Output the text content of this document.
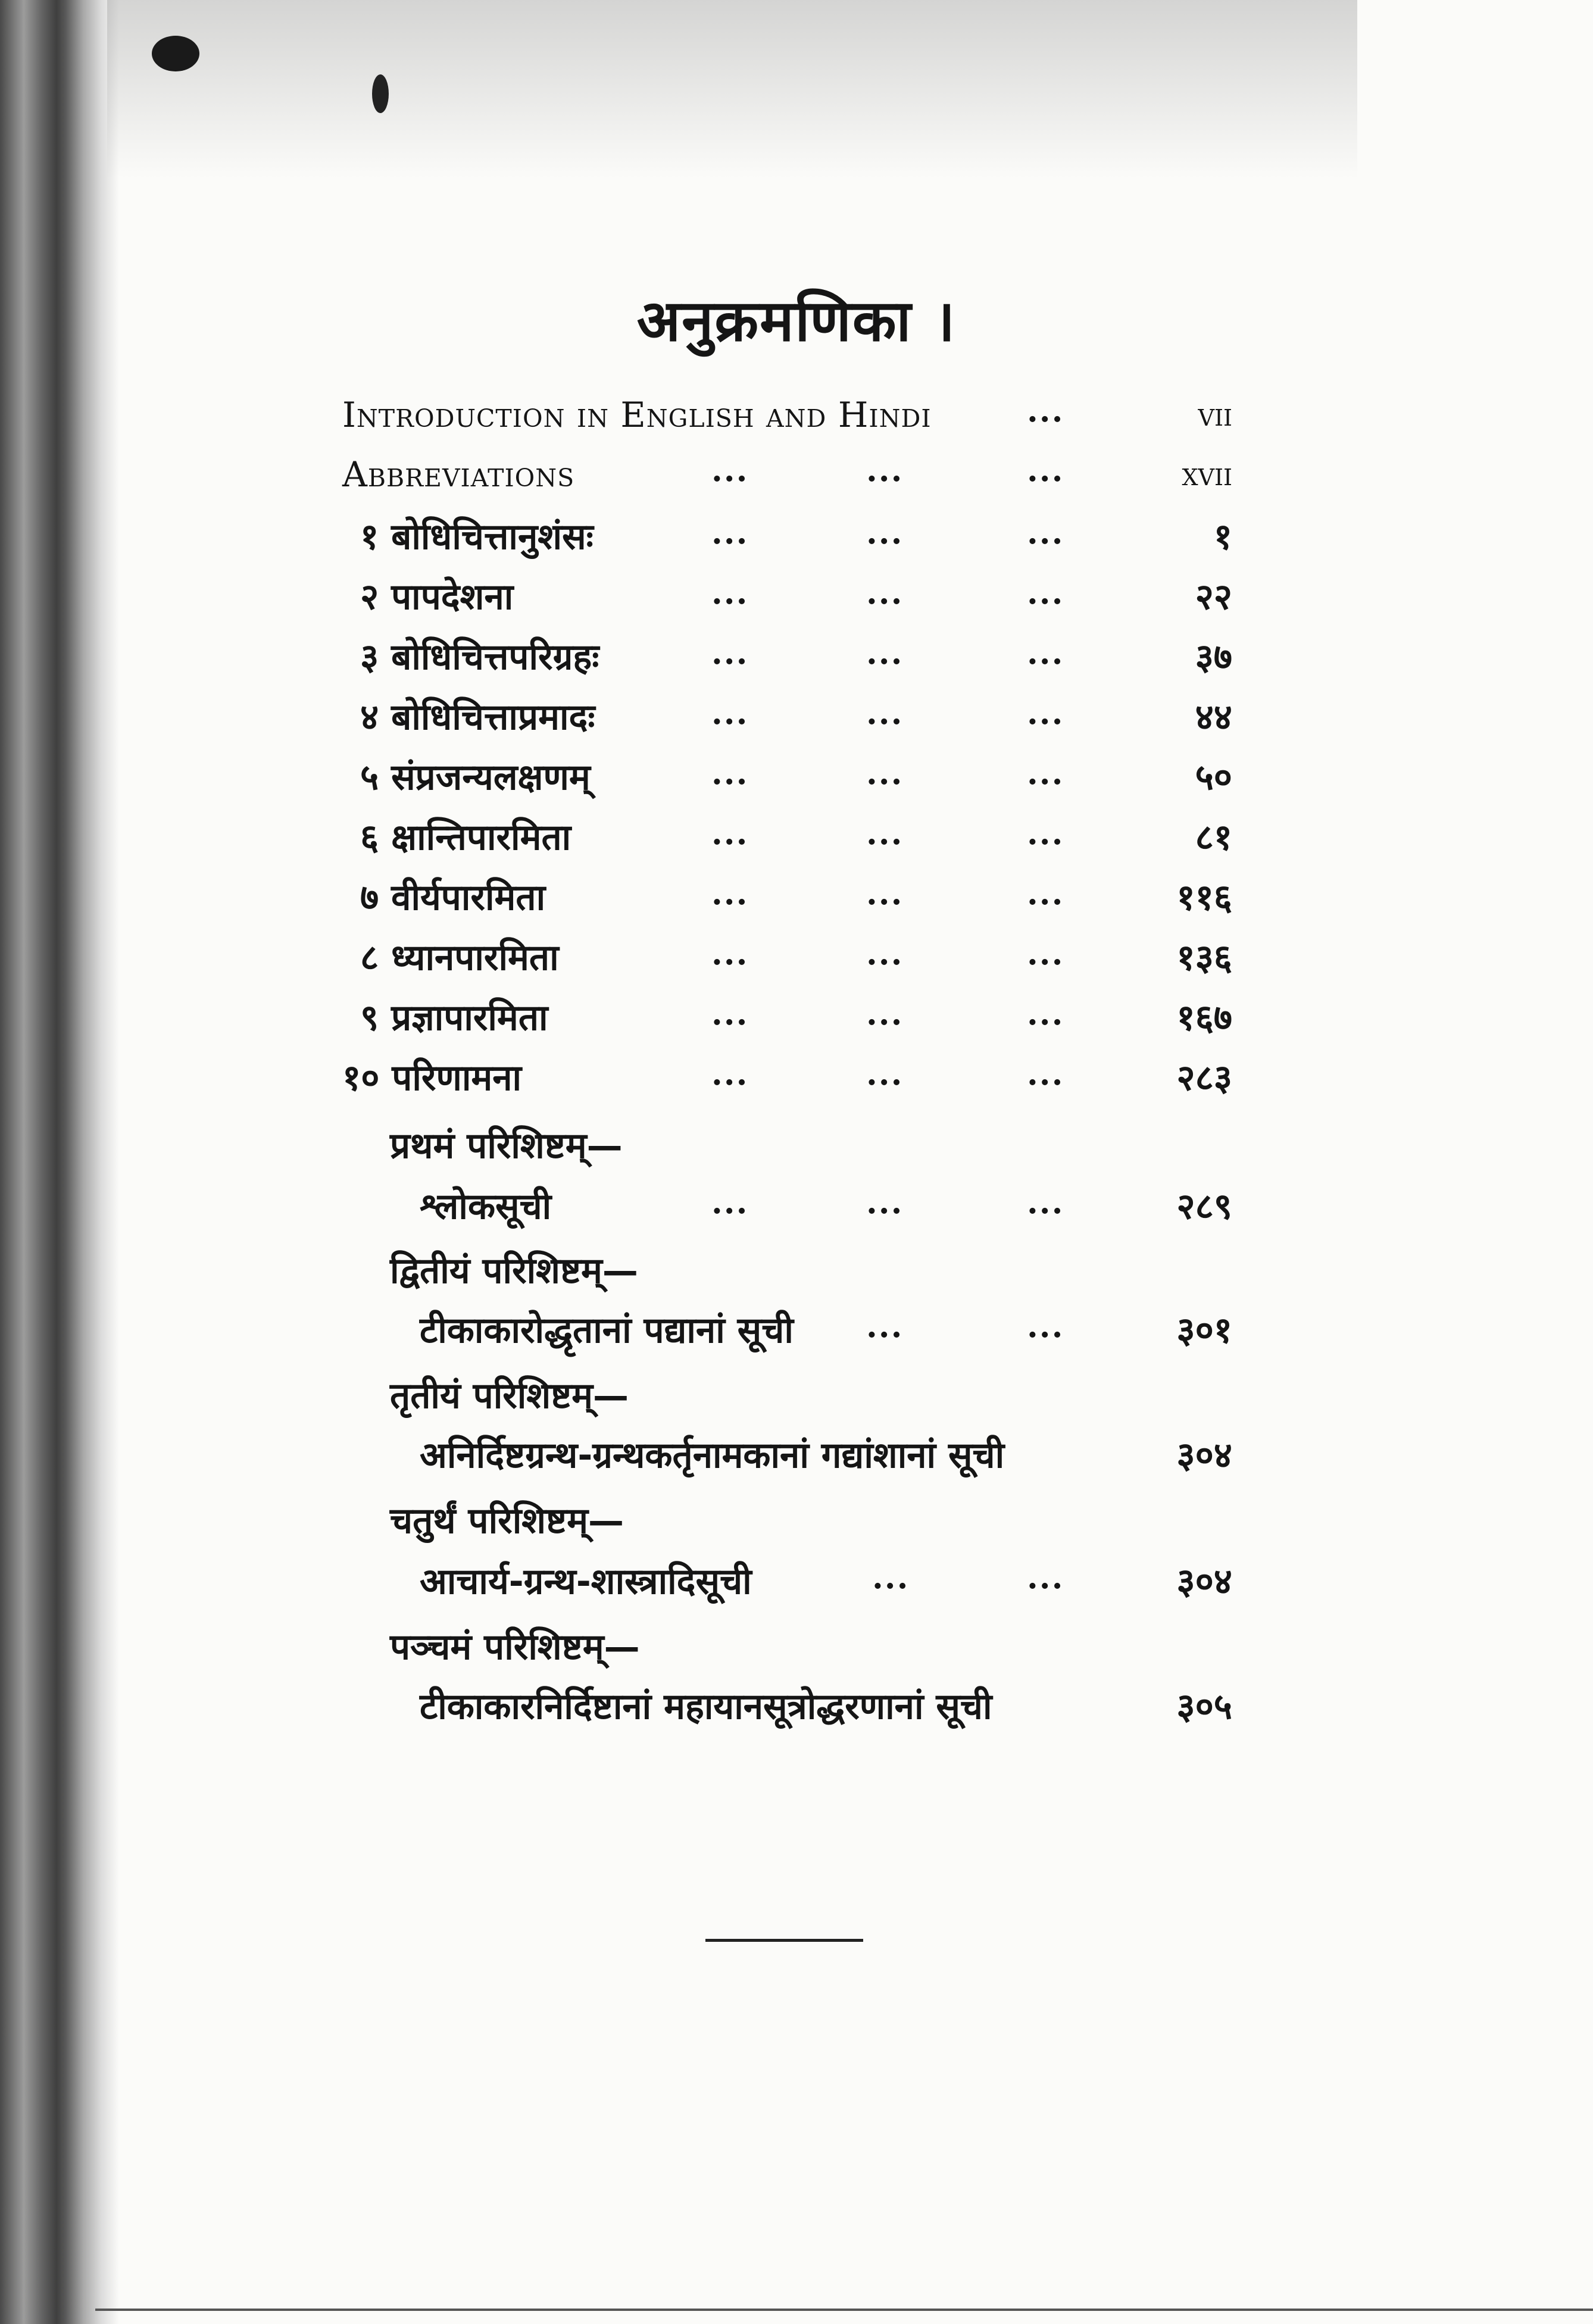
अनुक्रमणिका ।
Introduction in English and Hindi	...	vii
Abbreviations	...	...	...	xvii
१ बोधिचित्तानुशंसः	...	...	...	१
२ पापदेशना	...	...	...	२२
३ बोधिचित्तपरिग्रहः	...	...	...	३७
४ बोधिचित्ताप्रमादः	...	...	...	४४
५ संप्रजन्यलक्षणम्	...	...	...	५०
६ क्षान्तिपारमिता	...	...	...	८१
७ वीर्यपारमिता	...	...	...	११६
८ ध्यानपारमिता	...	...	...	१३६
९ प्रज्ञापारमिता	...	...	...	१६७
१० परिणामना	...	...	...	२८३
प्रथमं परिशिष्टम्—
श्लोकसूची	...	...	...	२८९
द्वितीयं परिशिष्टम्—
टीकाकारोद्धृतानां पद्यानां सूची ...	...	३०१
तृतीयं परिशिष्टम्—
अनिर्दिष्टग्रन्थ-ग्रन्थकर्तृनामकानां गद्यांशानां सूची	३०४
चतुर्थं परिशिष्टम्—
आचार्य-ग्रन्थ-शास्त्रादिसूची	...	...	३०४
पञ्चमं परिशिष्टम्—
टीकाकारनिर्दिष्टानां महायानसूत्रोद्धरणानां सूची	३०५
